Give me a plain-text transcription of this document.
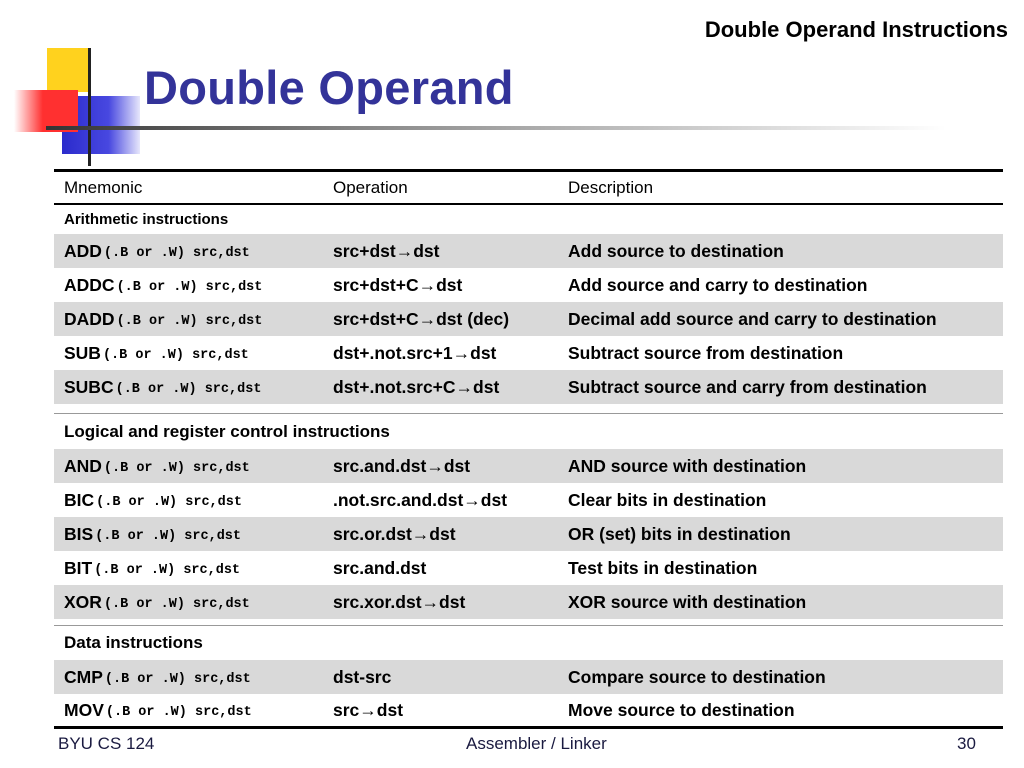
Double Operand Instructions
Double Operand
Mnemonic	Operation	Description
Arithmetic instructions
ADD (.B or .W) src,dst	src+dst→dst	Add source to destination
ADDC (.B or .W) src,dst	src+dst+C→dst	Add source and carry to destination
DADD (.B or .W) src,dst	src+dst+C→dst (dec)	Decimal add source and carry to destination
SUB (.B or .W) src,dst	dst+.not.src+1→dst	Subtract source from destination
SUBC (.B or .W) src,dst	dst+.not.src+C→dst	Subtract source and carry from destination
Logical and register control instructions
AND (.B or .W) src,dst	src.and.dst→dst	AND source with destination
BIC (.B or .W) src,dst	.not.src.and.dst→dst	Clear bits in destination
BIS (.B or .W) src,dst	src.or.dst→dst	OR (set) bits in destination
BIT (.B or .W) src,dst	src.and.dst	Test bits in destination
XOR (.B or .W) src,dst	src.xor.dst→dst	XOR source with destination
Data instructions
CMP (.B or .W) src,dst	dst-src	Compare source to destination
MOV (.B or .W) src,dst	src→dst	Move source to destination
BYU CS 124	Assembler / Linker	30
